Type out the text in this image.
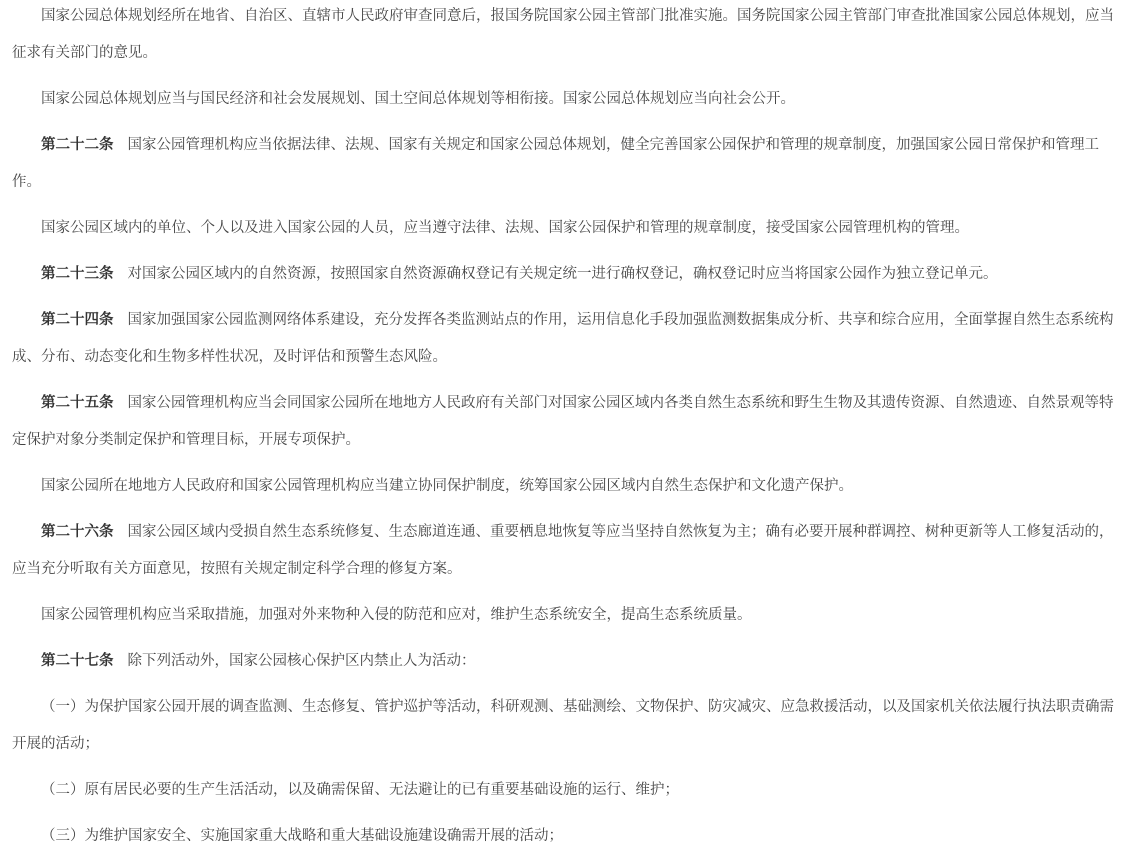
国家公园总体规划经所在地省、自治区、直辖市人民政府审查同意后，报国务院国家公园主管部门批准实施。国务院国家公园主管部门审查批准国家公园总体规划，应当征求有关部门的意见。

国家公园总体规划应当与国民经济和社会发展规划、国土空间总体规划等相衔接。国家公园总体规划应当向社会公开。

第二十二条 国家公园管理机构应当依据法律、法规、国家有关规定和国家公园总体规划，健全完善国家公园保护和管理的规章制度，加强国家公园日常保护和管理工作。

国家公园区域内的单位、个人以及进入国家公园的人员，应当遵守法律、法规、国家公园保护和管理的规章制度，接受国家公园管理机构的管理。

第二十三条 对国家公园区域内的自然资源，按照国家自然资源确权登记有关规定统一进行确权登记，确权登记时应当将国家公园作为独立登记单元。

第二十四条 国家加强国家公园监测网络体系建设，充分发挥各类监测站点的作用，运用信息化手段加强监测数据集成分析、共享和综合应用，全面掌握自然生态系统构成、分布、动态变化和生物多样性状况，及时评估和预警生态风险。

第二十五条 国家公园管理机构应当会同国家公园所在地地方人民政府有关部门对国家公园区域内各类自然生态系统和野生生物及其遗传资源、自然遗迹、自然景观等特定保护对象分类制定保护和管理目标，开展专项保护。

国家公园所在地地方人民政府和国家公园管理机构应当建立协同保护制度，统筹国家公园区域内自然生态保护和文化遗产保护。

第二十六条 国家公园区域内受损自然生态系统修复、生态廊道连通、重要栖息地恢复等应当坚持自然恢复为主；确有必要开展种群调控、树种更新等人工修复活动的，应当充分听取有关方面意见，按照有关规定制定科学合理的修复方案。

国家公园管理机构应当采取措施，加强对外来物种入侵的防范和应对，维护生态系统安全，提高生态系统质量。

第二十七条 除下列活动外，国家公园核心保护区内禁止人为活动：

（一）为保护国家公园开展的调查监测、生态修复、管护巡护等活动，科研观测、基础测绘、文物保护、防灾减灾、应急救援活动，以及国家机关依法履行执法职责确需开展的活动；

（二）原有居民必要的生产生活活动，以及确需保留、无法避让的已有重要基础设施的运行、维护；

（三）为维护国家安全、实施国家重大战略和重大基础设施建设确需开展的活动；
